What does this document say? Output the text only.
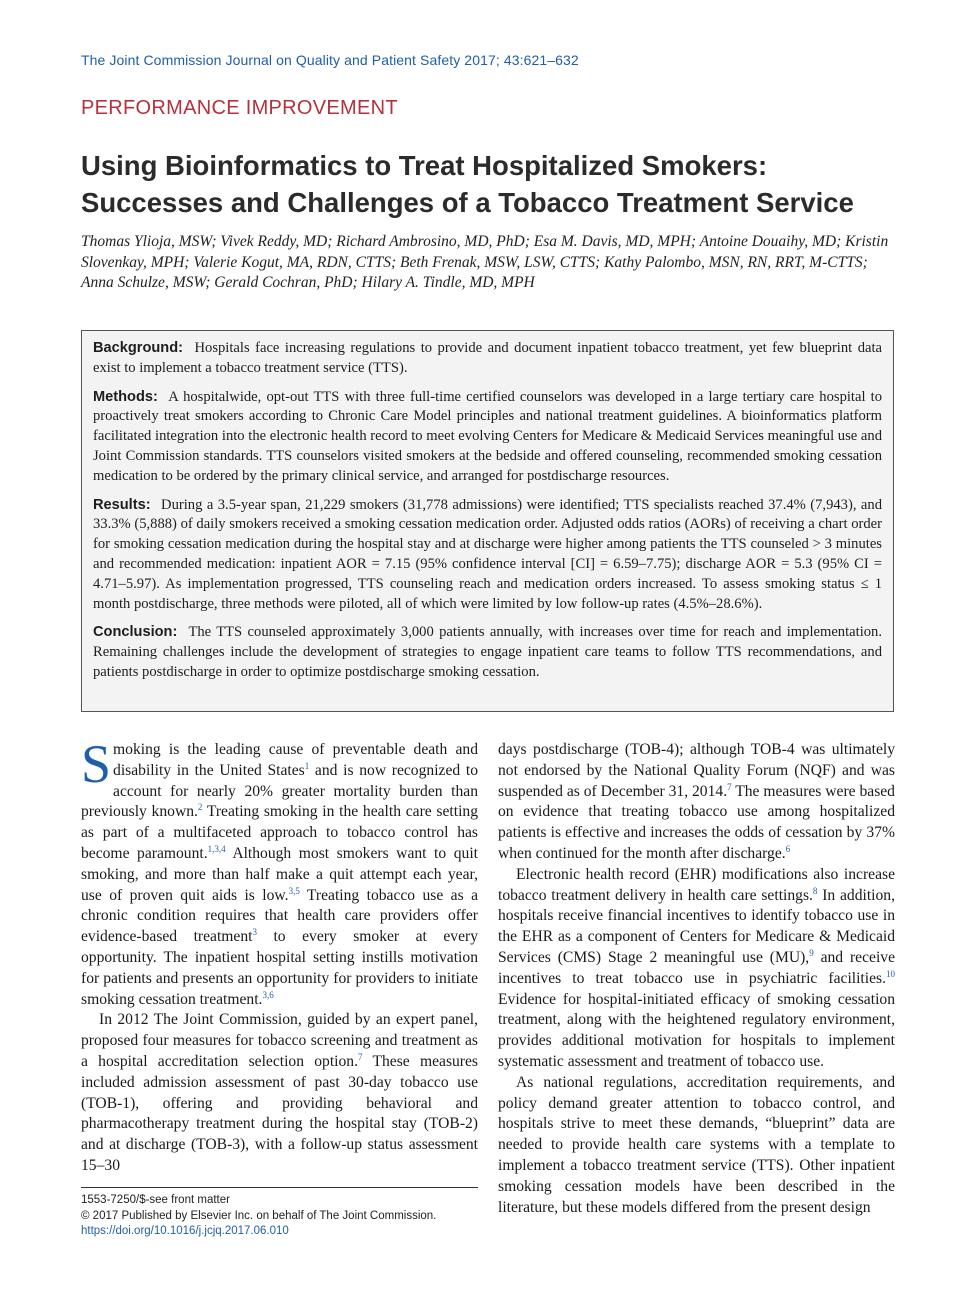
The Joint Commission Journal on Quality and Patient Safety 2017; 43:621–632
PERFORMANCE IMPROVEMENT
Using Bioinformatics to Treat Hospitalized Smokers:
Successes and Challenges of a Tobacco Treatment Service
Thomas Ylioja, MSW; Vivek Reddy, MD; Richard Ambrosino, MD, PhD; Esa M. Davis, MD, MPH; Antoine Douaihy, MD; Kristin Slovenkay, MPH; Valerie Kogut, MA, RDN, CTTS; Beth Frenak, MSW, LSW, CTTS; Kathy Palombo, MSN, RN, RRT, M-CTTS; Anna Schulze, MSW; Gerald Cochran, PhD; Hilary A. Tindle, MD, MPH

Background: Hospitals face increasing regulations to provide and document inpatient tobacco treatment, yet few blueprint data exist to implement a tobacco treatment service (TTS).

Methods: A hospitalwide, opt-out TTS with three full-time certified counselors was developed in a large tertiary care hospital to proactively treat smokers according to Chronic Care Model principles and national treatment guidelines. A bioinformatics platform facilitated integration into the electronic health record to meet evolving Centers for Medicare & Medicaid Services meaningful use and Joint Commission standards. TTS counselors visited smokers at the bedside and offered counseling, recommended smoking cessation medication to be ordered by the primary clinical service, and arranged for postdischarge resources.

Results: During a 3.5-year span, 21,229 smokers (31,778 admissions) were identified; TTS specialists reached 37.4% (7,943), and 33.3% (5,888) of daily smokers received a smoking cessation medication order. Adjusted odds ratios (AORs) of receiving a chart order for smoking cessation medication during the hospital stay and at discharge were higher among patients the TTS counseled > 3 minutes and recommended medication: inpatient AOR = 7.15 (95% confidence interval [CI] = 6.59–7.75); discharge AOR = 5.3 (95% CI = 4.71–5.97). As implementation progressed, TTS counseling reach and medication orders increased. To assess smoking status ≤ 1 month postdischarge, three methods were piloted, all of which were limited by low follow-up rates (4.5%–28.6%).

Conclusion: The TTS counseled approximately 3,000 patients annually, with increases over time for reach and implementation. Remaining challenges include the development of strategies to engage inpatient care teams to follow TTS recommendations, and patients postdischarge in order to optimize postdischarge smoking cessation.

Smoking is the leading cause of preventable death and disability in the United States$^1$ and is now recognized to account for nearly 20% greater mortality burden than previously known.$^2$ Treating smoking in the health care setting as part of a multifaceted approach to tobacco control has become paramount.$^{1,3,4}$ Although most smokers want to quit smoking, and more than half make a quit attempt each year, use of proven quit aids is low.$^{3,5}$ Treating tobacco use as a chronic condition requires that health care providers offer evidence-based treatment$^3$ to every smoker at every opportunity. The inpatient hospital setting instills motivation for patients and presents an opportunity for providers to initiate smoking cessation treatment.$^{3,6}$

In 2012 The Joint Commission, guided by an expert panel, proposed four measures for tobacco screening and treatment as a hospital accreditation selection option.$^7$ These measures included admission assessment of past 30-day tobacco use (TOB-1), offering and providing behavioral and pharmacotherapy treatment during the hospital stay (TOB-2) and at discharge (TOB-3), with a follow-up status assessment 15–30

days postdischarge (TOB-4); although TOB-4 was ultimately not endorsed by the National Quality Forum (NQF) and was suspended as of December 31, 2014.$^7$ The measures were based on evidence that treating tobacco use among hospitalized patients is effective and increases the odds of cessation by 37% when continued for the month after discharge.$^6$

Electronic health record (EHR) modifications also increase tobacco treatment delivery in health care settings.$^8$ In addition, hospitals receive financial incentives to identify tobacco use in the EHR as a component of Centers for Medicare & Medicaid Services (CMS) Stage 2 meaningful use (MU),$^9$ and receive incentives to treat tobacco use in psychiatric facilities.$^{10}$ Evidence for hospital-initiated efficacy of smoking cessation treatment, along with the heightened regulatory environment, provides additional motivation for hospitals to implement systematic assessment and treatment of tobacco use.

As national regulations, accreditation requirements, and policy demand greater attention to tobacco control, and hospitals strive to meet these demands, “blueprint” data are needed to provide health care systems with a template to implement a tobacco treatment service (TTS). Other inpatient smoking cessation models have been described in the literature, but these models differed from the present design

1553-7250/$-see front matter
© 2017 Published by Elsevier Inc. on behalf of The Joint Commission.
https://doi.org/10.1016/j.jcjq.2017.06.010
